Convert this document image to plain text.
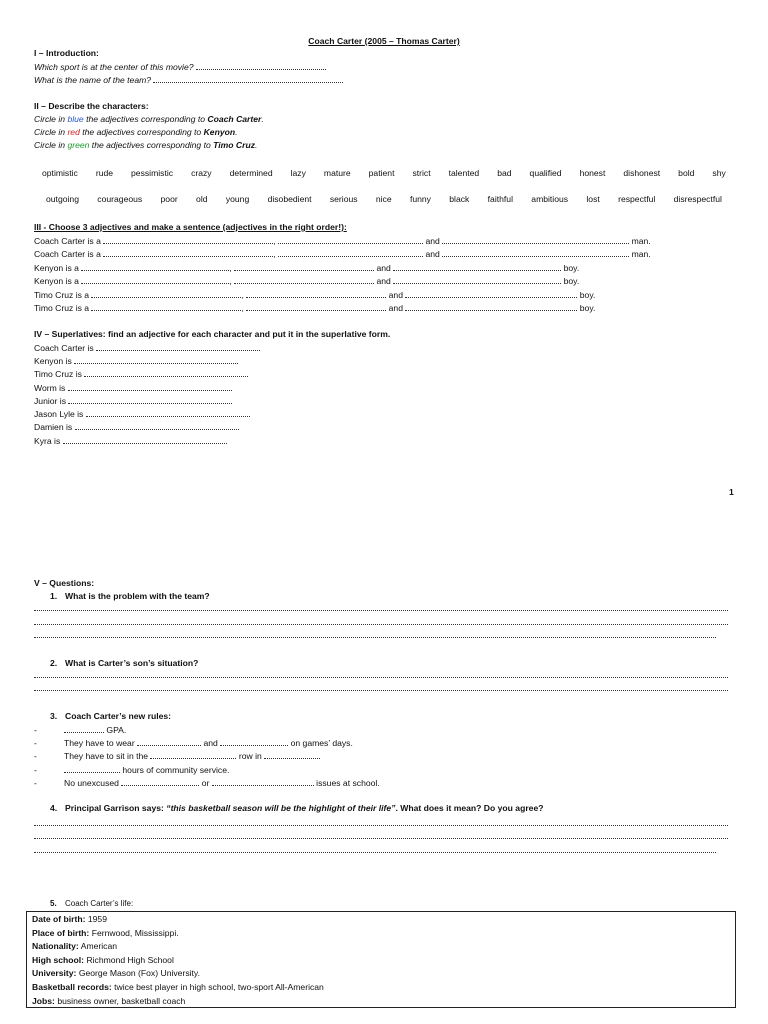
Coach Carter (2005 – Thomas Carter)
I – Introduction:
Which sport is at the center of this movie?
What is the name of the team?
II – Describe the characters:
Circle in blue the adjectives corresponding to Coach Carter.
Circle in red the adjectives corresponding to Kenyon.
Circle in green the adjectives corresponding to Timo Cruz.
optimistic rude pessimistic crazy determined lazy mature patient strict talented bad qualified honest dishonest bold shy
outgoing courageous poor old young disobedient serious nice funny black faithful ambitious lost respectful disrespectful
III - Choose 3 adjectives and make a sentence (adjectives in the right order!):
Coach Carter is a	,	and	man.
Coach Carter is a	,	and	man.
Kenyon is a	,	and	boy.
Kenyon is a	,	and	boy.
Timo Cruz is a	,	and	boy.
Timo Cruz is a	,	and	boy.
IV – Superlatives: find an adjective for each character and put it in the superlative form.
Coach Carter is
Kenyon is
Timo Cruz is
Worm is
Junior is
Jason Lyle is
Damien is
Kyra is
1
V – Questions:
1. What is the problem with the team?
2. What is Carter’s son’s situation?
3. Coach Carter’s new rules:
-	GPA.
-	They have to wear	and	on games’ days.
-	They have to sit in the	row in
-	hours of community service.
-	No unexcused	or	issues at school.
4. Principal Garrison says: “this basketball season will be the highlight of their life”. What does it mean? Do you agree?
5. Coach Carter’s life:
Date of birth: 1959
Place of birth: Fernwood, Mississippi.
Nationality: American
High school: Richmond High School
University: George Mason (Fox) University.
Basketball records: twice best player in high school, two-sport All-American
Jobs: business owner, basketball coach
